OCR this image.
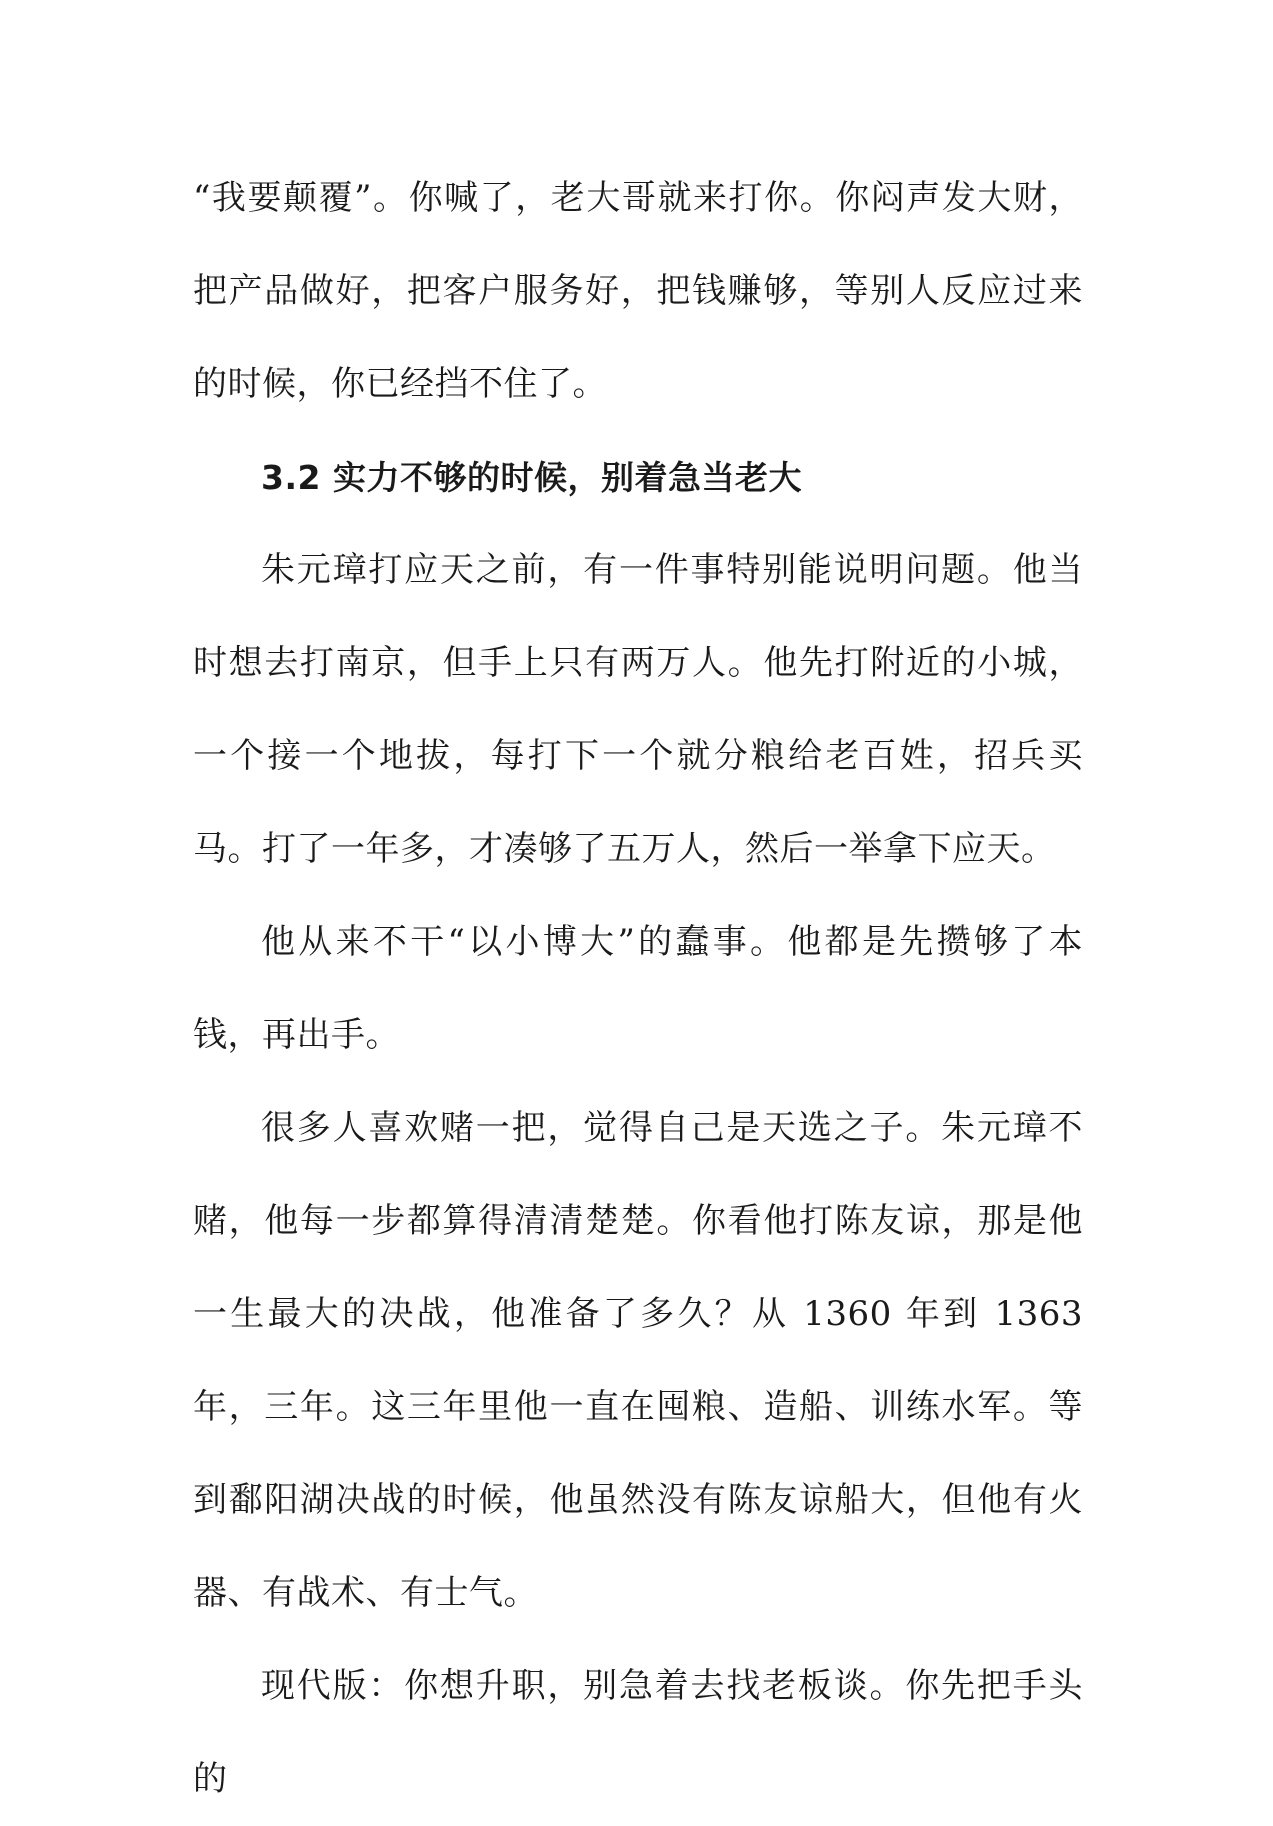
“我要颠覆”。你喊了，老大哥就来打你。你闷声发大财，把产品做好，把客户服务好，把钱赚够，等别人反应过来的时候，你已经挡不住了。

3.2 实力不够的时候，别着急当老大

朱元璋打应天之前，有一件事特别能说明问题。他当时想去打南京，但手上只有两万人。他先打附近的小城，一个接一个地拔，每打下一个就分粮给老百姓，招兵买马。打了一年多，才凑够了五万人，然后一举拿下应天。

他从来不干“以小博大”的蠢事。他都是先攒够了本钱，再出手。

很多人喜欢赌一把，觉得自己是天选之子。朱元璋不赌，他每一步都算得清清楚楚。你看他打陈友谅，那是他一生最大的决战，他准备了多久？从 1360 年到 1363 年，三年。这三年里他一直在囤粮、造船、训练水军。等到鄱阳湖决战的时候，他虽然没有陈友谅船大，但他有火器、有战术、有士气。

现代版：你想升职，别急着去找老板谈。你先把手头的
